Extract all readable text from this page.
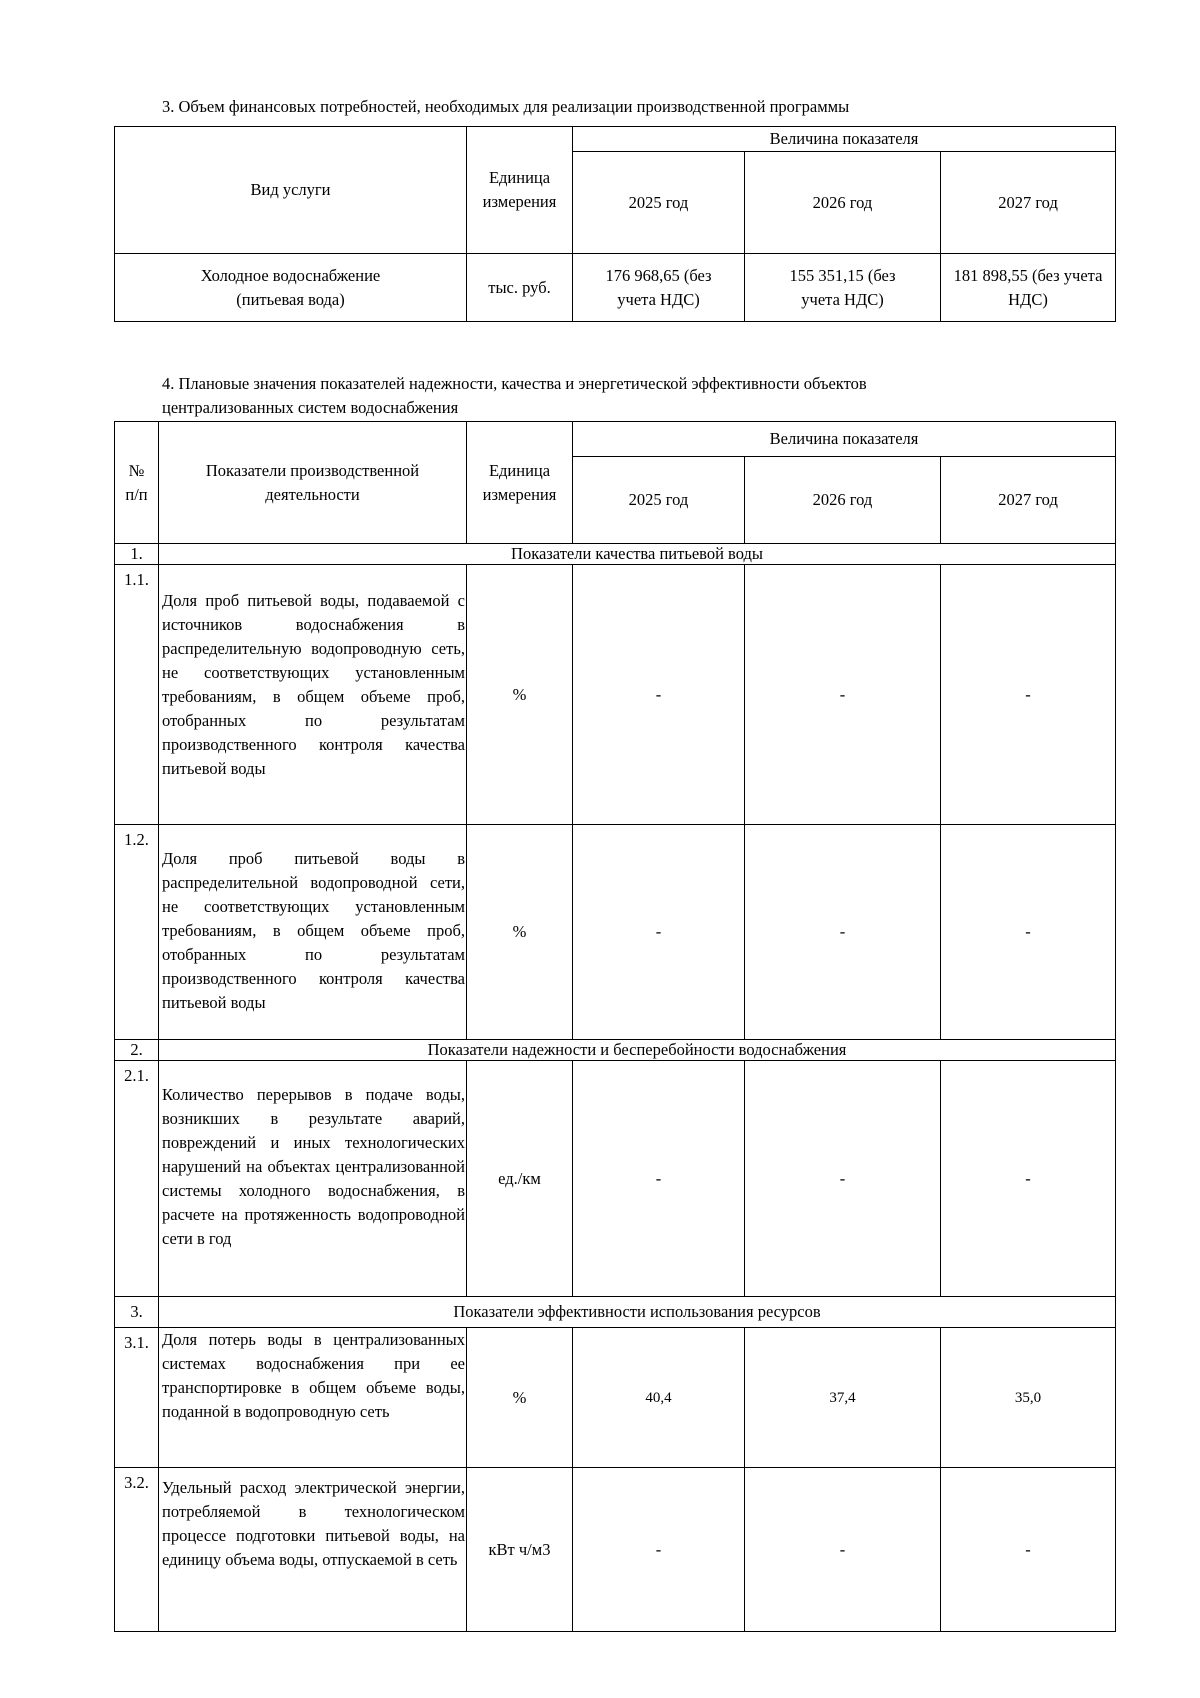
3. Объем финансовых потребностей, необходимых для реализации производственной программы
Вид услуги	Единица измерения	Величина показателя		
		2025 год	2026 год	2027 год
Холодное водоснабжение (питьевая вода)	тыс. руб.	176 968,65 (без учета НДС)	155 351,15 (без учета НДС)	181 898,55 (без учета НДС)
4. Плановые значения показателей надежности, качества и энергетической эффективности объектов
централизованных систем водоснабжения
№ п/п	Показатели производственной деятельности	Единица измерения	Величина показателя		
			2025 год	2026 год	2027 год
1.	Показатели качества питьевой воды				

1.1.	Доля проб питьевой воды, подаваемой с источников водоснабжения в распределительную водопроводную сеть, не соответствующих установленным требованиям, в общем объеме проб, отобранных по результатам производственного контроля качества питьевой воды	%	-	-	-

1.2.	Доля проб питьевой воды в распределительной водопроводной сети, не соответствующих установленным требованиям, в общем объеме проб, отобранных по результатам производственного контроля качества питьевой воды	%	-	-	-
2.	Показатели надежности и бесперебойности водоснабжения				

2.1.	Количество перерывов в подаче воды, возникших в результате аварий, повреждений и иных технологических нарушений на объектах централизованной системы холодного водоснабжения, в расчете на протяженность водопроводной сети в год	ед./км	-	-	-
3.	Показатели эффективности использования ресурсов				

3.1.	Доля потерь воды в централизованных системах водоснабжения при ее транспортировке в общем объеме воды, поданной в водопроводную сеть	%	40,4	37,4	35,0

3.2.	Удельный расход электрической энергии, потребляемой в технологическом процессе подготовки питьевой воды, на единицу объема воды, отпускаемой в сеть	кВт ч/м3	-	-	-
